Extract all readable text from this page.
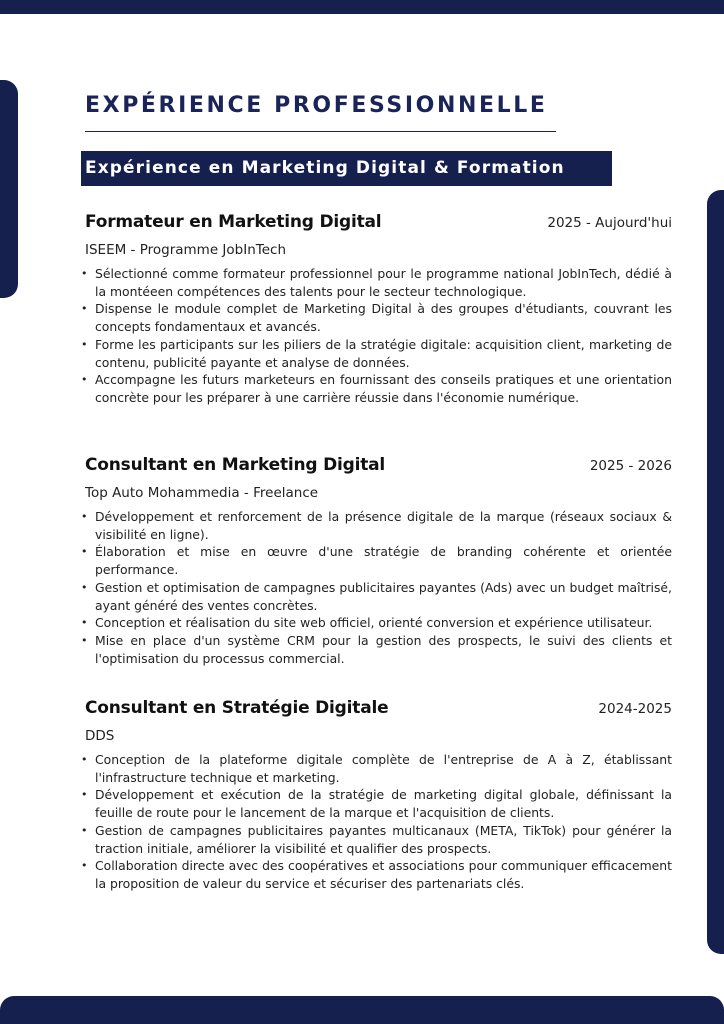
EXPÉRIENCE PROFESSIONNELLE
Expérience en Marketing Digital & Formation
Formateur en Marketing Digital	2025 - Aujourd'hui
ISEEM - Programme JobInTech
• Sélectionné comme formateur professionnel pour le programme national JobInTech, dédié à la montéeen compétences des talents pour le secteur technologique.
• Dispense le module complet de Marketing Digital à des groupes d'étudiants, couvrant les concepts fondamentaux et avancés.
• Forme les participants sur les piliers de la stratégie digitale: acquisition client, marketing de contenu, publicité payante et analyse de données.
• Accompagne les futurs marketeurs en fournissant des conseils pratiques et une orientation concrète pour les préparer à une carrière réussie dans l'économie numérique.
Consultant en Marketing Digital	2025 - 2026
Top Auto Mohammedia - Freelance
• Développement et renforcement de la présence digitale de la marque (réseaux sociaux & visibilité en ligne).
• Élaboration et mise en œuvre d'une stratégie de branding cohérente et orientée performance.
• Gestion et optimisation de campagnes publicitaires payantes (Ads) avec un budget maîtrisé, ayant généré des ventes concrètes.
• Conception et réalisation du site web officiel, orienté conversion et expérience utilisateur.
• Mise en place d'un système CRM pour la gestion des prospects, le suivi des clients et l'optimisation du processus commercial.
Consultant en Stratégie Digitale	2024-2025
DDS
• Conception de la plateforme digitale complète de l'entreprise de A à Z, établissant l'infrastructure technique et marketing.
• Développement et exécution de la stratégie de marketing digital globale, définissant la feuille de route pour le lancement de la marque et l'acquisition de clients.
• Gestion de campagnes publicitaires payantes multicanaux (META, TikTok) pour générer la traction initiale, améliorer la visibilité et qualifier des prospects.
• Collaboration directe avec des coopératives et associations pour communiquer efficacement la proposition de valeur du service et sécuriser des partenariats clés.
